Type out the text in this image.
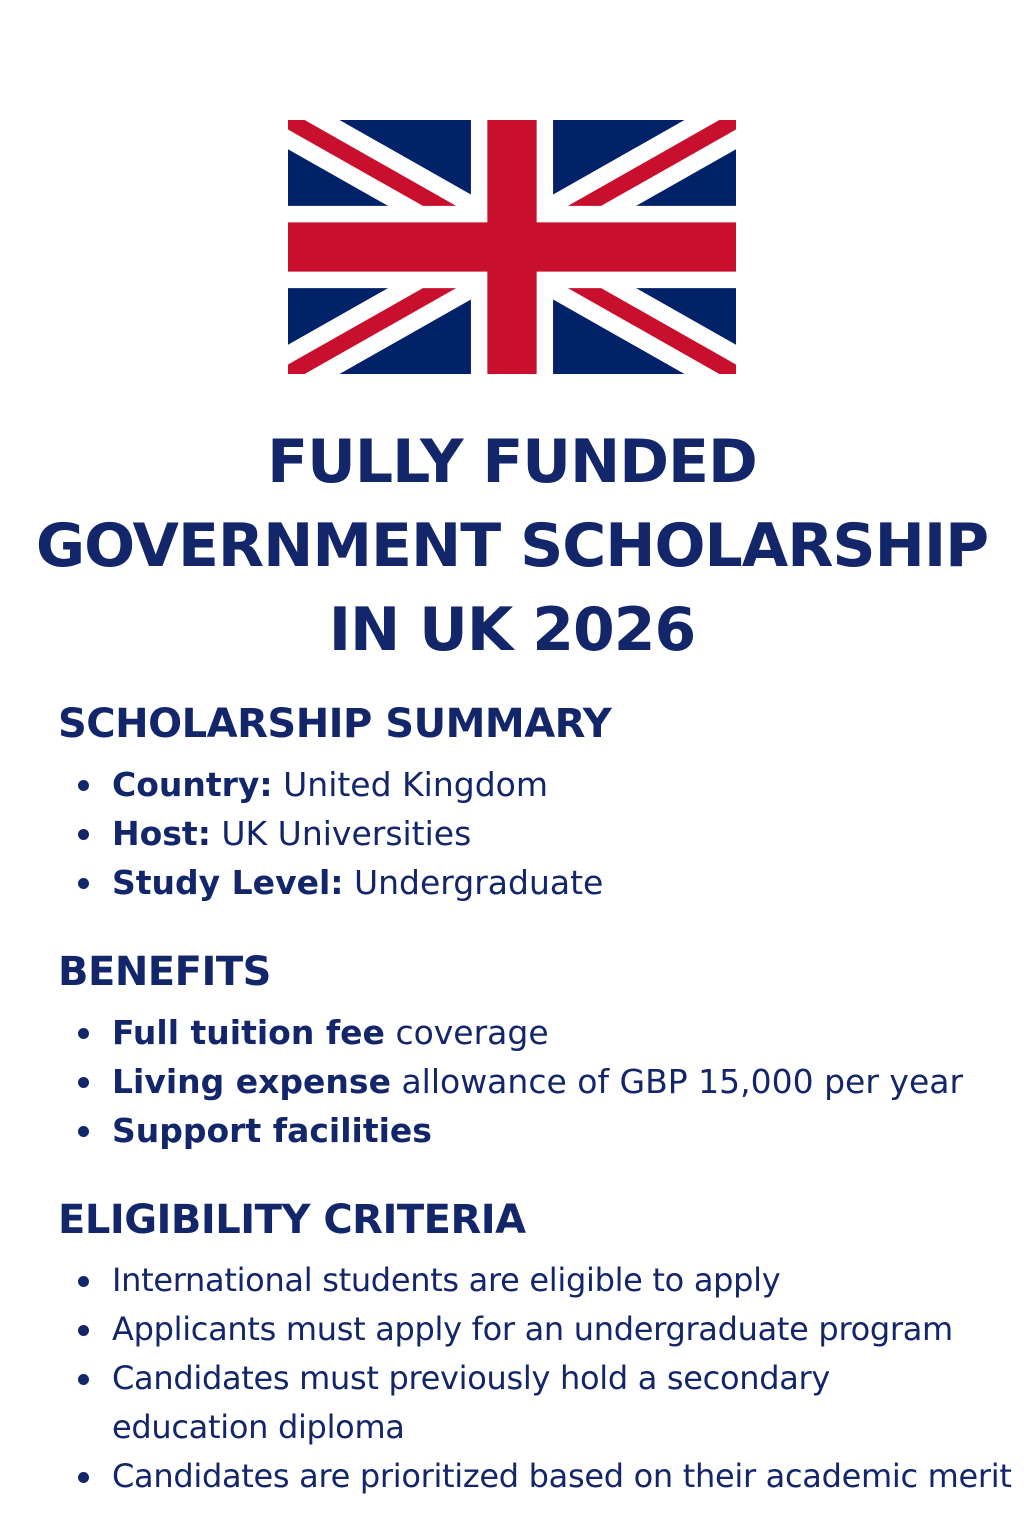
FULLY FUNDED
GOVERNMENT SCHOLARSHIP
IN UK 2026
SCHOLARSHIP SUMMARY
Country: United Kingdom
Host: UK Universities
Study Level: Undergraduate
BENEFITS
Full tuition fee coverage
Living expense allowance of GBP 15,000 per year
Support facilities
ELIGIBILITY CRITERIA
International students are eligible to apply
Applicants must apply for an undergraduate program
Candidates must previously hold a secondary education diploma
Candidates are prioritized based on their academic merit
